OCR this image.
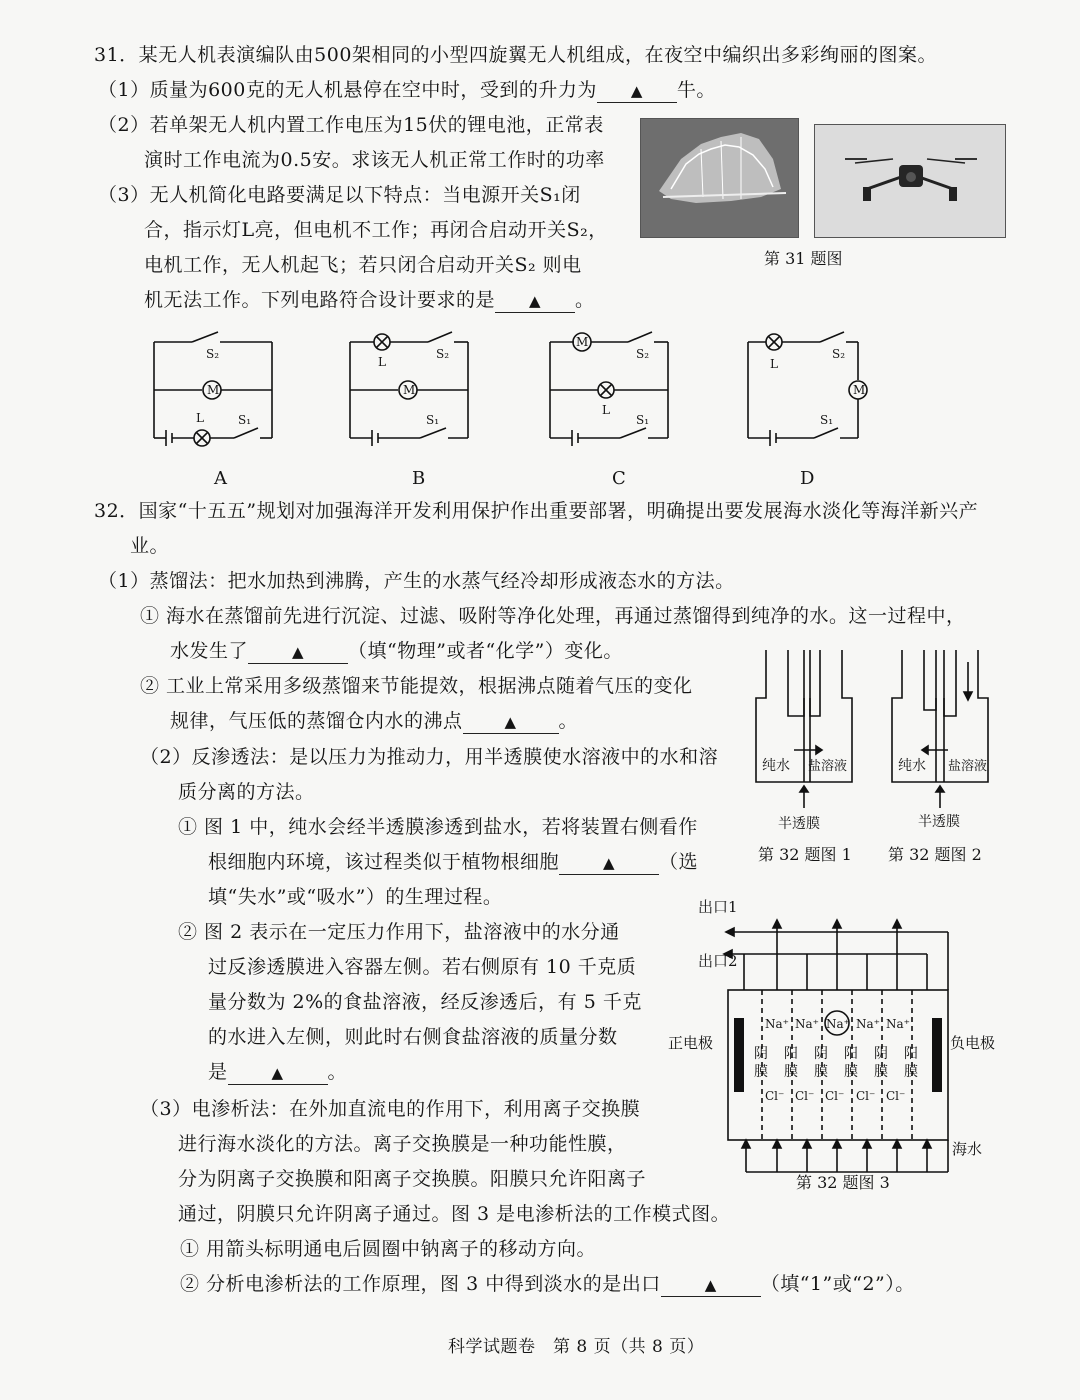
31．某无人机表演编队由500架相同的小型四旋翼无人机组成，在夜空中编织出多彩绚丽的图案。
（1）质量为600克的无人机悬停在空中时，受到的升力为 ▲ 牛。
（2）若单架无人机内置工作电压为15伏的锂电池，正常表
演时工作电流为0.5安。求该无人机正常工作时的功率
（3）无人机简化电路要满足以下特点：当电源开关S₁闭
合，指示灯L亮，但电机不工作；再闭合启动开关S₂，
电机工作，无人机起飞；若只闭合启动开关S₂ 则电
机无法工作。下列电路符合设计要求的是 ▲ 。
第 31 题图
S₂
M
L	S₁
S₂
L
M
S₁
M
S₂
L
S₁
L
S₂
M
S₁
A	B	C	D
32．国家“十五五”规划对加强海洋开发利用保护作出重要部署，明确提出要发展海水淡化等海洋新兴产
业。
（1）蒸馏法：把水加热到沸腾，产生的水蒸气经冷却形成液态水的方法。
① 海水在蒸馏前先进行沉淀、过滤、吸附等净化处理，再通过蒸馏得到纯净的水。这一过程中，
水发生了	▲ （填“物理”或者“化学”）变化。
② 工业上常采用多级蒸馏来节能提效，根据沸点随着气压的变化
规律，气压低的蒸馏仓内水的沸点	▲ 。
（2）反渗透法：是以压力为推动力，用半透膜使水溶液中的水和溶
质分离的方法。
① 图 1 中，纯水会经半透膜渗透到盐水，若将装置右侧看作
根细胞内环境，该过程类似于植物根细胞	▲ （选
填“失水”或“吸水”）的生理过程。
② 图 2 表示在一定压力作用下，盐溶液中的水分通
过反渗透膜进入容器左侧。若右侧原有 10 千克质
量分数为 2%的食盐溶液，经反渗透后，有 5 千克
的水进入左侧，则此时右侧食盐溶液的质量分数
是	▲ 。
（3）电渗析法：在外加直流电的作用下，利用离子交换膜
进行海水淡化的方法。离子交换膜是一种功能性膜，
分为阴离子交换膜和阳离子交换膜。阳膜只允许阳离子
通过，阴膜只允许阴离子通过。图 3 是电渗析法的工作模式图。
① 用箭头标明通电后圆圈中钠离子的移动方向。
② 分析电渗析法的工作原理，图 3 中得到淡水的是出口	▲ （填“1”或“2”）。
纯水 盐溶液
半透膜
纯水 盐溶液
半透膜
第 32 题图 1 第 32 题图 2
Na⁺ Na⁺ Na⁺ Na⁺ Na⁺
Cl⁻ Cl⁻ Cl⁻ Cl⁻ Cl⁻
阴
膜
阳
膜
阴
膜
阳
膜
阴
膜
阳
膜
出口1
出口2
正电极	负电极
海水
第 32 题图 3
科学试题卷　第 8 页（共 8 页）
